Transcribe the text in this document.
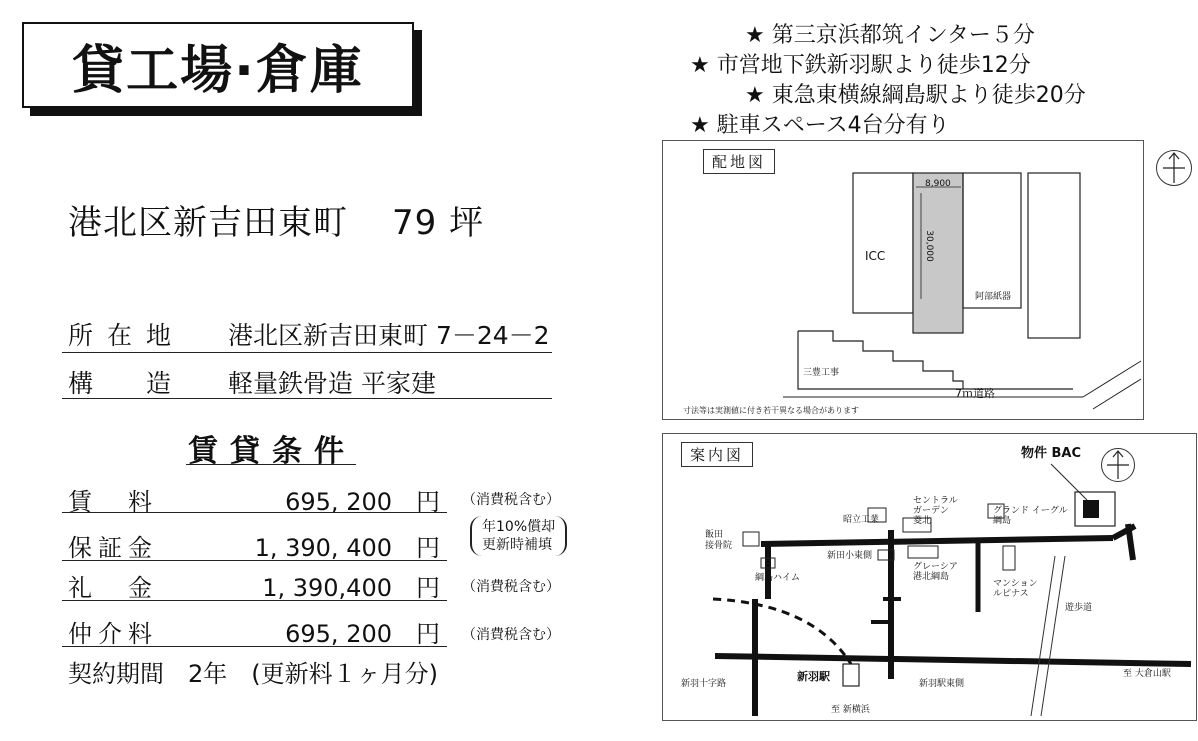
貸工場·倉庫
港北区新吉田東町 79 坪
所在地 港北区新吉田東町 7－24－2
構　造 軽量鉄骨造 平家建
賃貸条件
賃　料	695, 200　円 （消費税含む）
保証金	1, 390, 400　円
年10%償却
更新時補填
礼　金	1, 390,400　円 （消費税含む）
仲介料	695, 200　円 （消費税含む）
契約期間　2年　(更新料１ヶ月分)
★ 第三京浜都筑インター５分
★ 市営地下鉄新羽駅より徒歩12分
★ 東急東横線綱島駅より徒歩20分
★ 駐車スペース4台分有り
配地図
8,900
30,000
ICC
阿部紙器
三豊工事
7ｍ道路
寸法等は実測値に付き若干異なる場合があります
案内図	物件 BAC
飯田
接骨院
昭立工業
セントラル
ガーデン
菱北
グランド イーグル
綱島
新田小東側
綱島ハイム
グレーシア
港北綱島
マンション
ルピナス
遊歩道
新羽駅
新羽十字路	新羽駅東側
至 大倉山駅
至 新横浜
